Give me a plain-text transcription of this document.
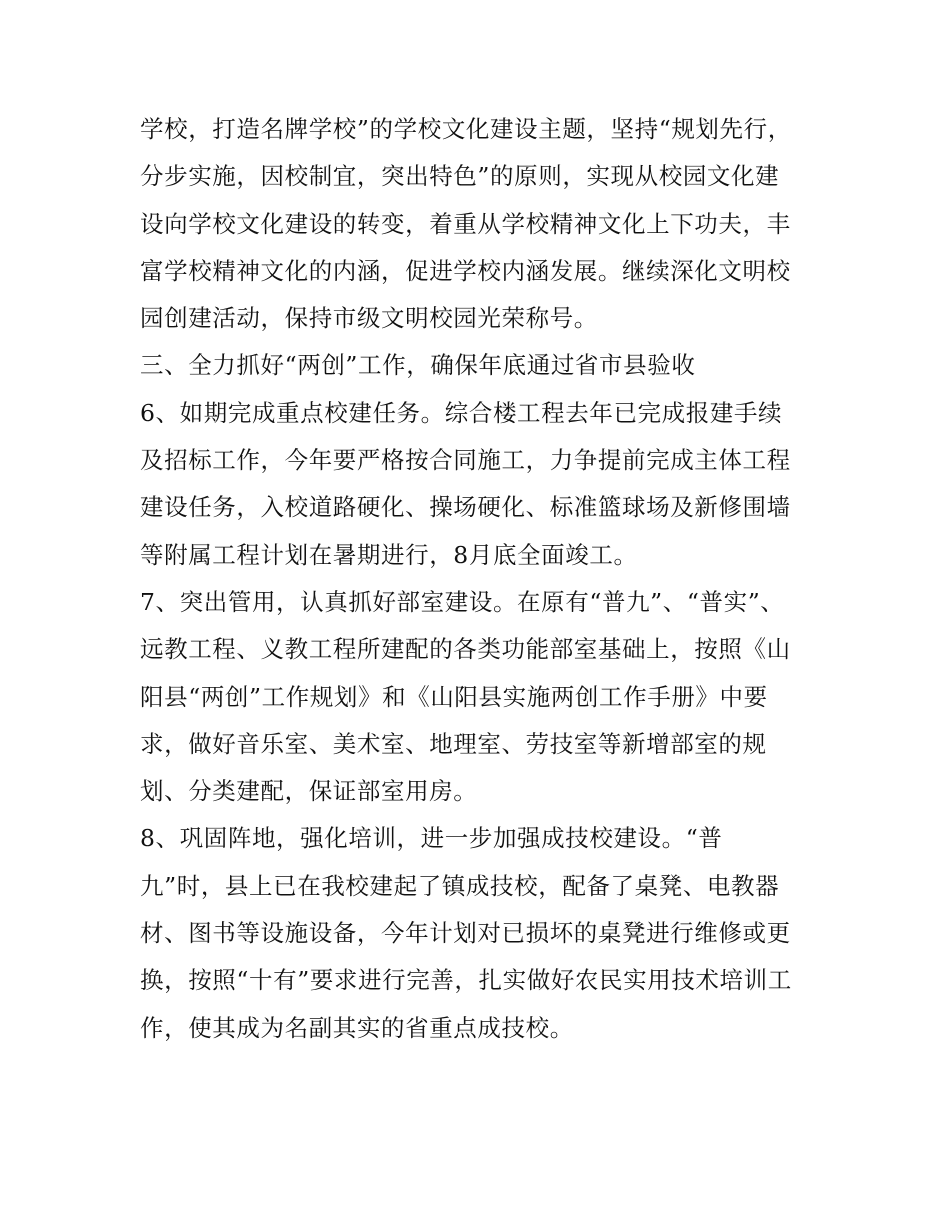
学校，打造名牌学校”的学校文化建设主题，坚持“规划先行，
分步实施，因校制宜，突出特色”的原则，实现从校园文化建
设向学校文化建设的转变，着重从学校精神文化上下功夫，丰
富学校精神文化的内涵，促进学校内涵发展。继续深化文明校
园创建活动，保持市级文明校园光荣称号。
三、全力抓好“两创”工作，确保年底通过省市县验收
6、如期完成重点校建任务。综合楼工程去年已完成报建手续
及招标工作，今年要严格按合同施工，力争提前完成主体工程
建设任务，入校道路硬化、操场硬化、标准篮球场及新修围墙
等附属工程计划在暑期进行，8月底全面竣工。
7、突出管用，认真抓好部室建设。在原有“普九”、“普实”、
远教工程、义教工程所建配的各类功能部室基础上，按照《山
阳县“两创”工作规划》和《山阳县实施两创工作手册》中要
求，做好音乐室、美术室、地理室、劳技室等新增部室的规
划、分类建配，保证部室用房。
8、巩固阵地，强化培训，进一步加强成技校建设。“普
九”时，县上已在我校建起了镇成技校，配备了桌凳、电教器
材、图书等设施设备，今年计划对已损坏的桌凳进行维修或更
换，按照“十有”要求进行完善，扎实做好农民实用技术培训工
作，使其成为名副其实的省重点成技校。
